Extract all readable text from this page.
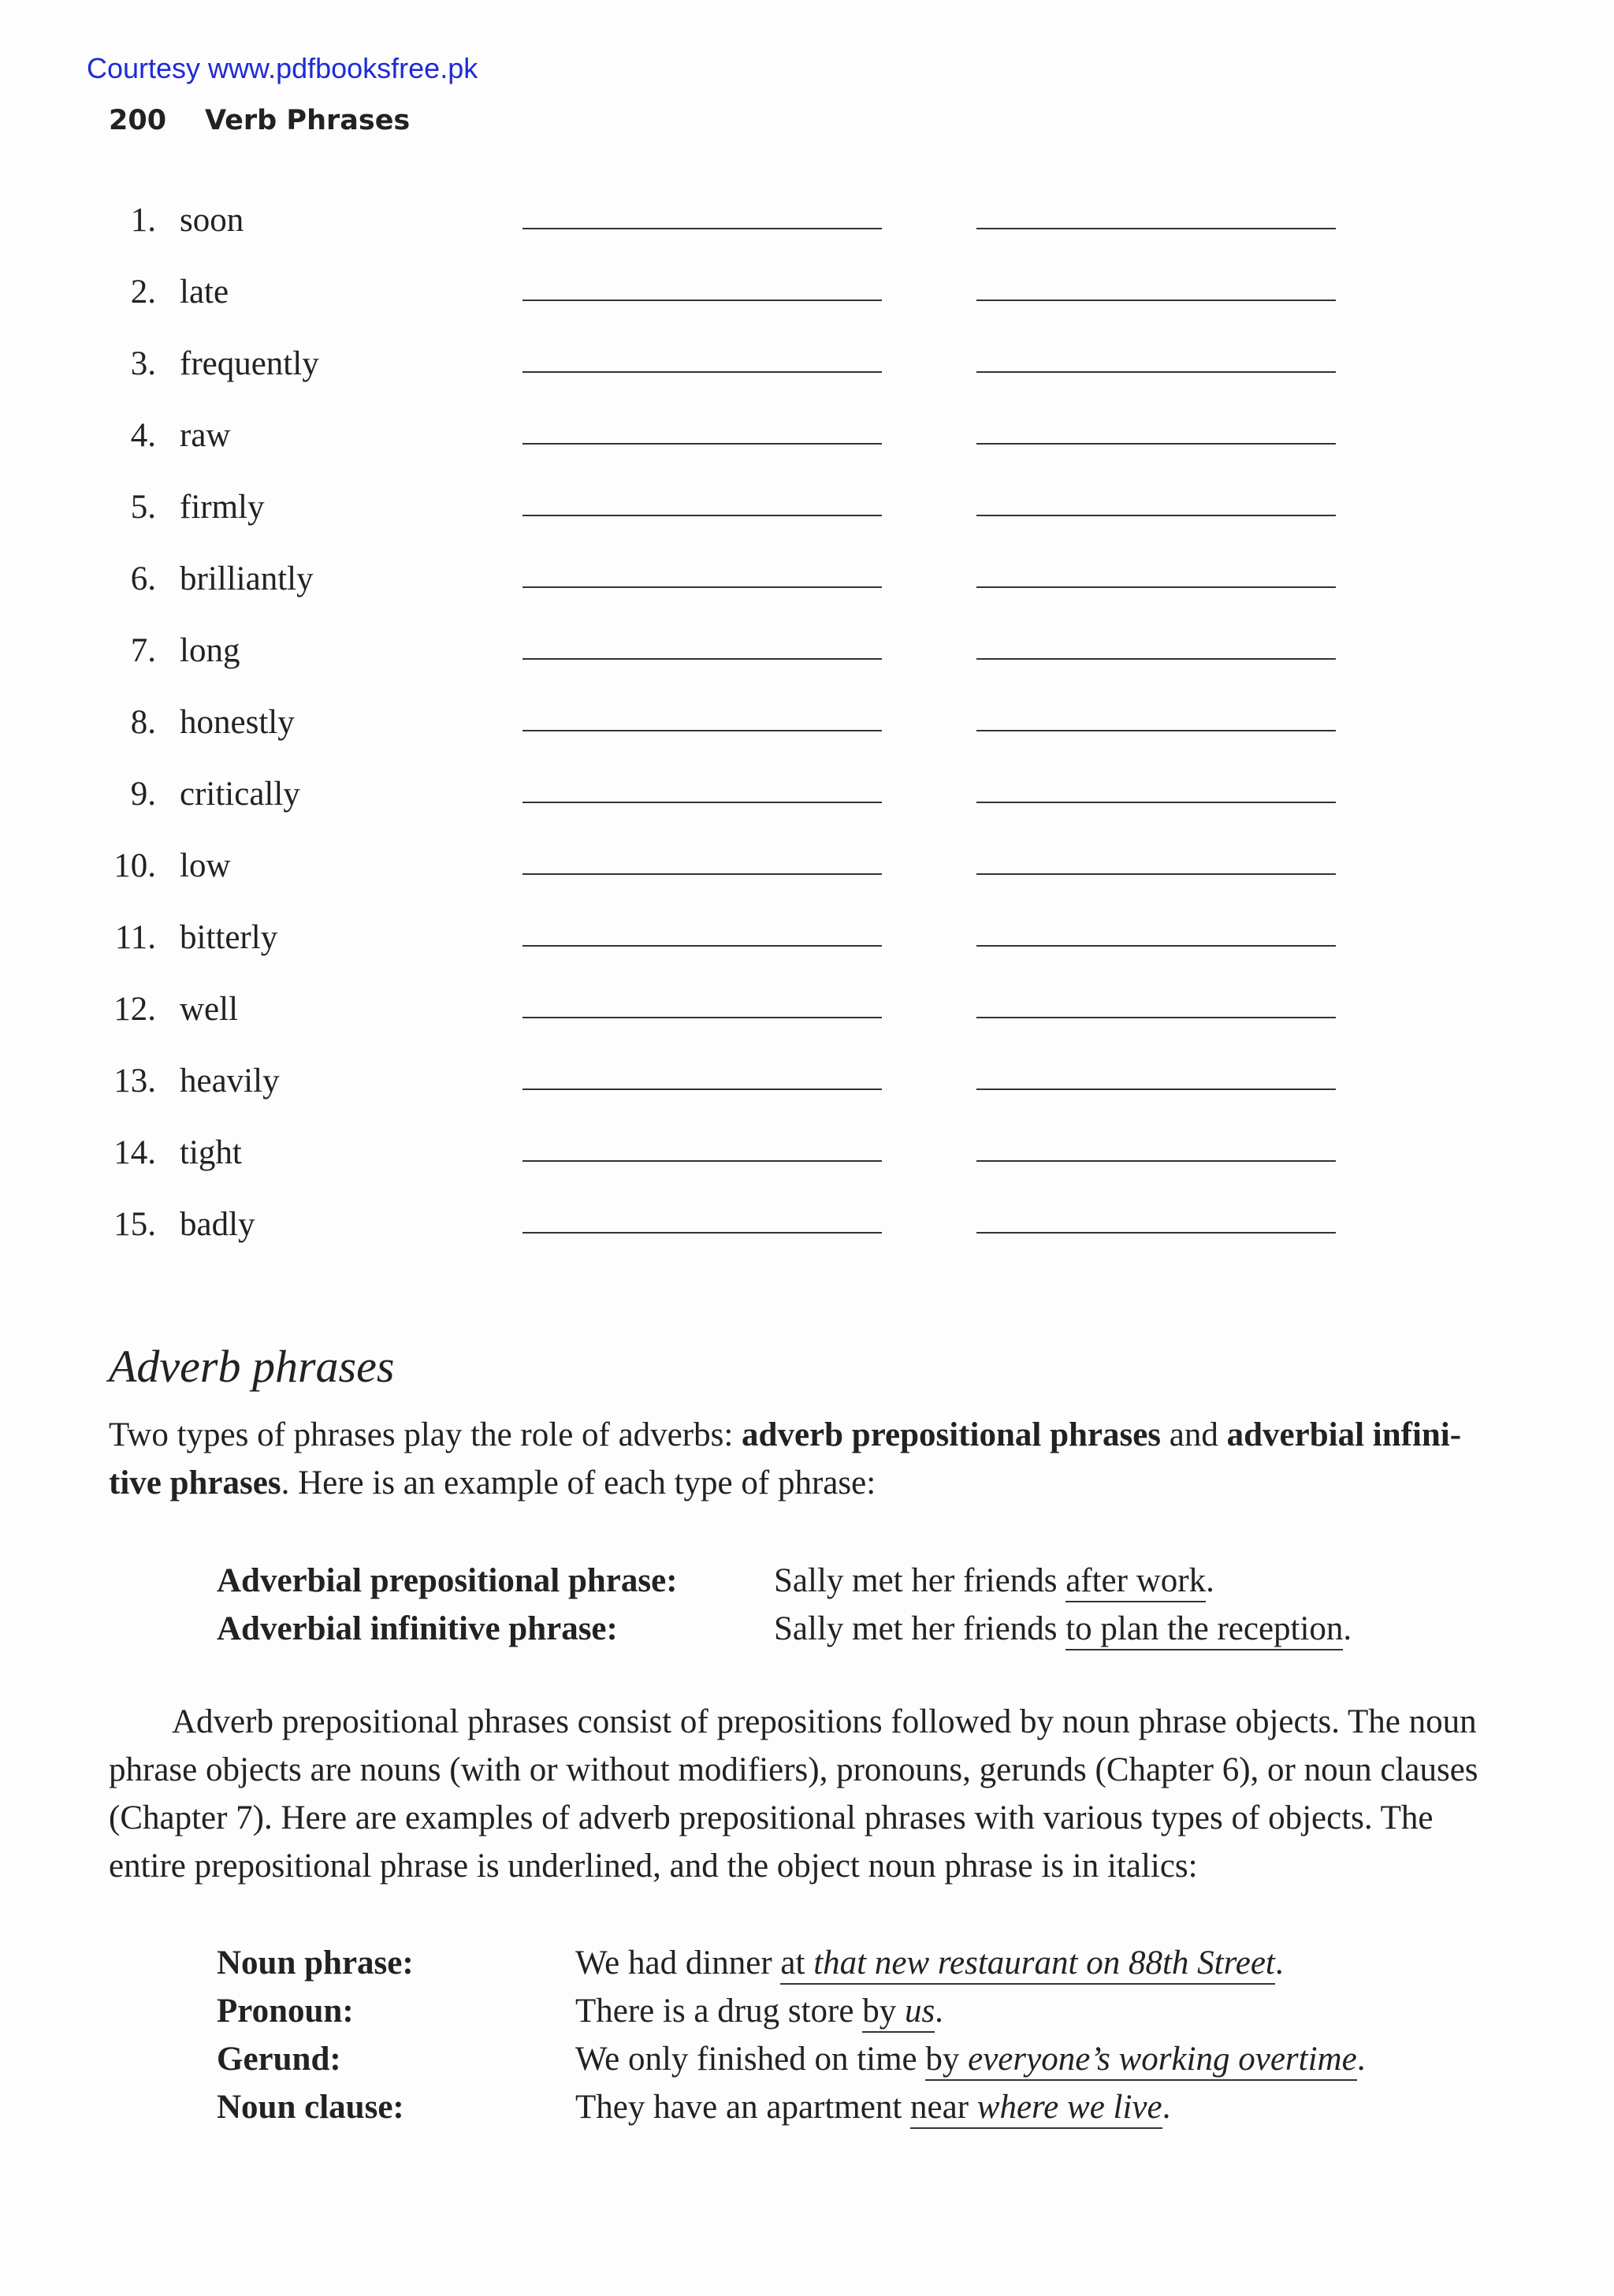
Courtesy www.pdfbooksfree.pk
200 Verb Phrases
1. soon
2. late
3. frequently
4. raw
5. firmly
6. brilliantly
7. long
8. honestly
9. critically
10. low
11. bitterly
12. well
13. heavily
14. tight
15. badly
Adverb phrases

Two types of phrases play the role of adverbs: adverb prepositional phrases and adverbial infini-tive phrases. Here is an example of each type of phrase:

Adverbial prepositional phrase:	Sally met her friends after work.
Adverbial infinitive phrase:	Sally met her friends to plan the reception.

Adverb prepositional phrases consist of prepositions followed by noun phrase objects. The noun phrase objects are nouns (with or without modifiers), pronouns, gerunds (Chapter 6), or noun clauses (Chapter 7). Here are examples of adverb prepositional phrases with various types of objects. The entire prepositional phrase is underlined, and the object noun phrase is in italics:

Noun phrase:	We had dinner at that new restaurant on 88th Street.
Pronoun:	There is a drug store by us.
Gerund:	We only finished on time by everyone’s working overtime.
Noun clause:	They have an apartment near where we live.
